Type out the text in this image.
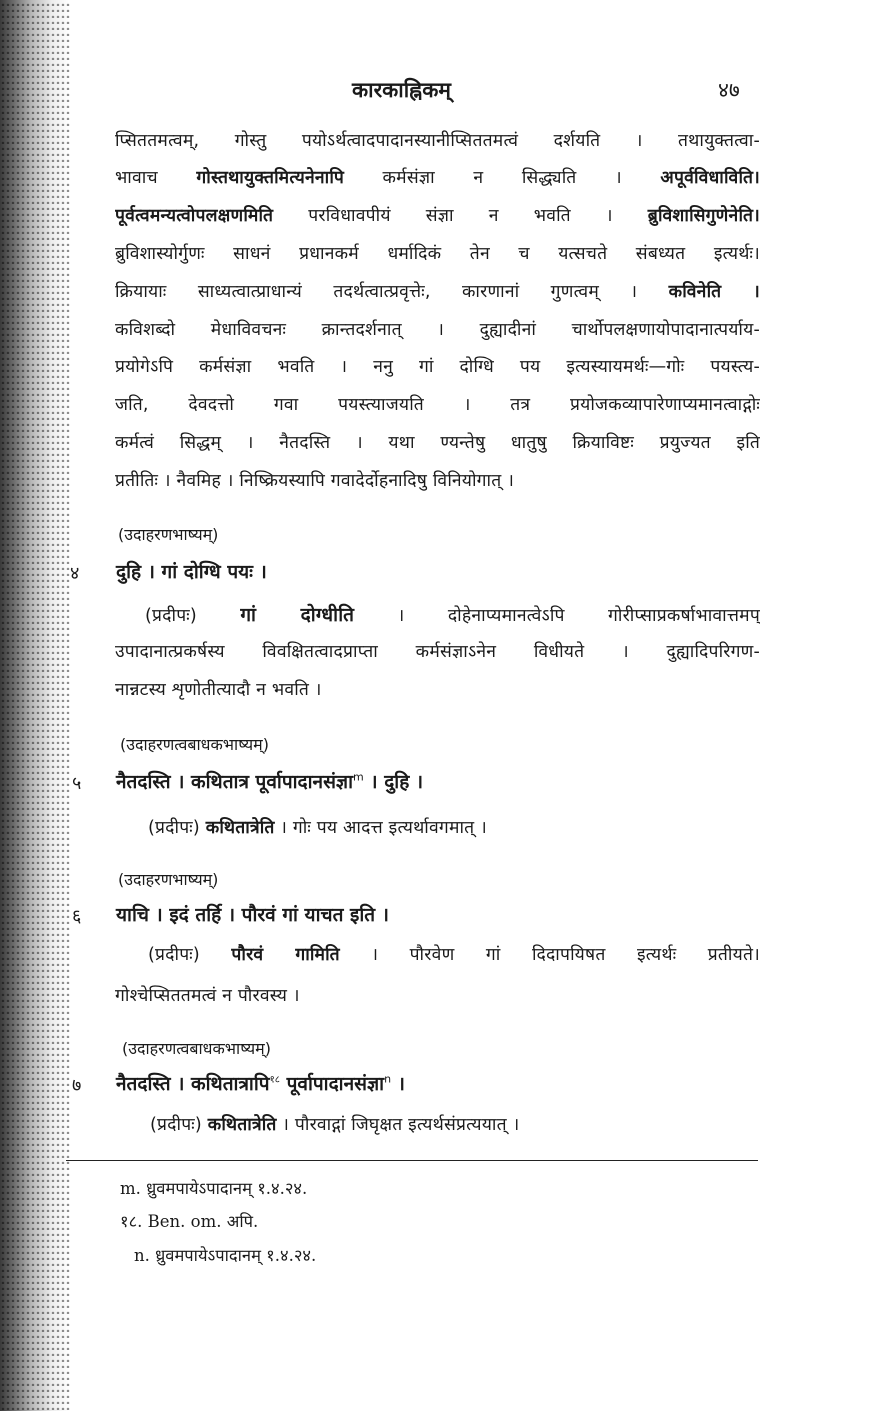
कारकाह्निकम्	४७
प्सिततमत्वम्, गोस्तु पयोऽर्थत्वादपादानस्यानीप्सिततमत्वं दर्शयति । तथायुक्तत्वा-
भावाच गोस्तथायुक्तमित्यनेनापि कर्मसंज्ञा न सिद्ध्यति । अपूर्वविधाविति।
पूर्वत्वमन्यत्वोपलक्षणमिति परविधावपीयं संज्ञा न भवति । ब्रुविशासिगुणेनेति।
ब्रुविशास्योर्गुणः साधनं प्रधानकर्म धर्मादिकं तेन च यत्सचते संबध्यत इत्यर्थः।
क्रियायाः साध्यत्वात्प्राधान्यं तदर्थत्वात्प्रवृत्तेः, कारणानां गुणत्वम् । कविनेति ।
कविशब्दो मेधाविवचनः क्रान्तदर्शनात् । दुह्यादीनां चार्थोपलक्षणायोपादानात्पर्याय-
प्रयोगेऽपि कर्मसंज्ञा भवति । ननु गां दोग्धि पय इत्यस्यायमर्थः—गोः पयस्त्य-
जति, देवदत्तो गवा पयस्त्याजयति । तत्र प्रयोजकव्यापारेणाप्यमानत्वाद्गोः
कर्मत्वं सिद्धम् । नैतदस्ति । यथा ण्यन्तेषु धातुषु क्रियाविष्टः प्रयुज्यत इति
प्रतीतिः । नैवमिह । निष्क्रियस्यापि गवादेर्दोहनादिषु विनियोगात् ।
(उदाहरणभाष्यम्)
४ दुहि । गां दोग्धि पयः ।
(प्रदीपः) गां दोग्धीति । दोहेनाप्यमानत्वेऽपि गोरीप्साप्रकर्षाभावात्तमप्
उपादानात्प्रकर्षस्य विवक्षितत्वादप्राप्ता कर्मसंज्ञाऽनेन विधीयते । दुह्यादिपरिगण-
नान्नटस्य शृणोतीत्यादौ न भवति ।
(उदाहरणत्वबाधकभाष्यम्)
५ नैतदस्ति । कथितात्र पूर्वापादानसंज्ञा$^m$ । दुहि ।
(प्रदीपः) कथितात्रेति । गोः पय आदत्त इत्यर्थावगमात् ।
(उदाहरणभाष्यम्)
६ याचि । इदं तर्हि । पौरवं गां याचत इति ।
(प्रदीपः) पौरवं गामिति । पौरवेण गां दिदापयिषत इत्यर्थः प्रतीयते।
गोश्चेप्सिततमत्वं न पौरवस्य ।
(उदाहरणत्वबाधकभाष्यम्)
७ नैतदस्ति । कथितात्रापि$^{१८}$ पूर्वापादानसंज्ञा$^n$ ।
(प्रदीपः) कथितात्रेति । पौरवाद्गां जिघृक्षत इत्यर्थसंप्रत्ययात् ।
m. ध्रुवमपायेऽपादानम् १.४.२४.
१८. Ben. om. अपि.
n. ध्रुवमपायेऽपादानम् १.४.२४.
